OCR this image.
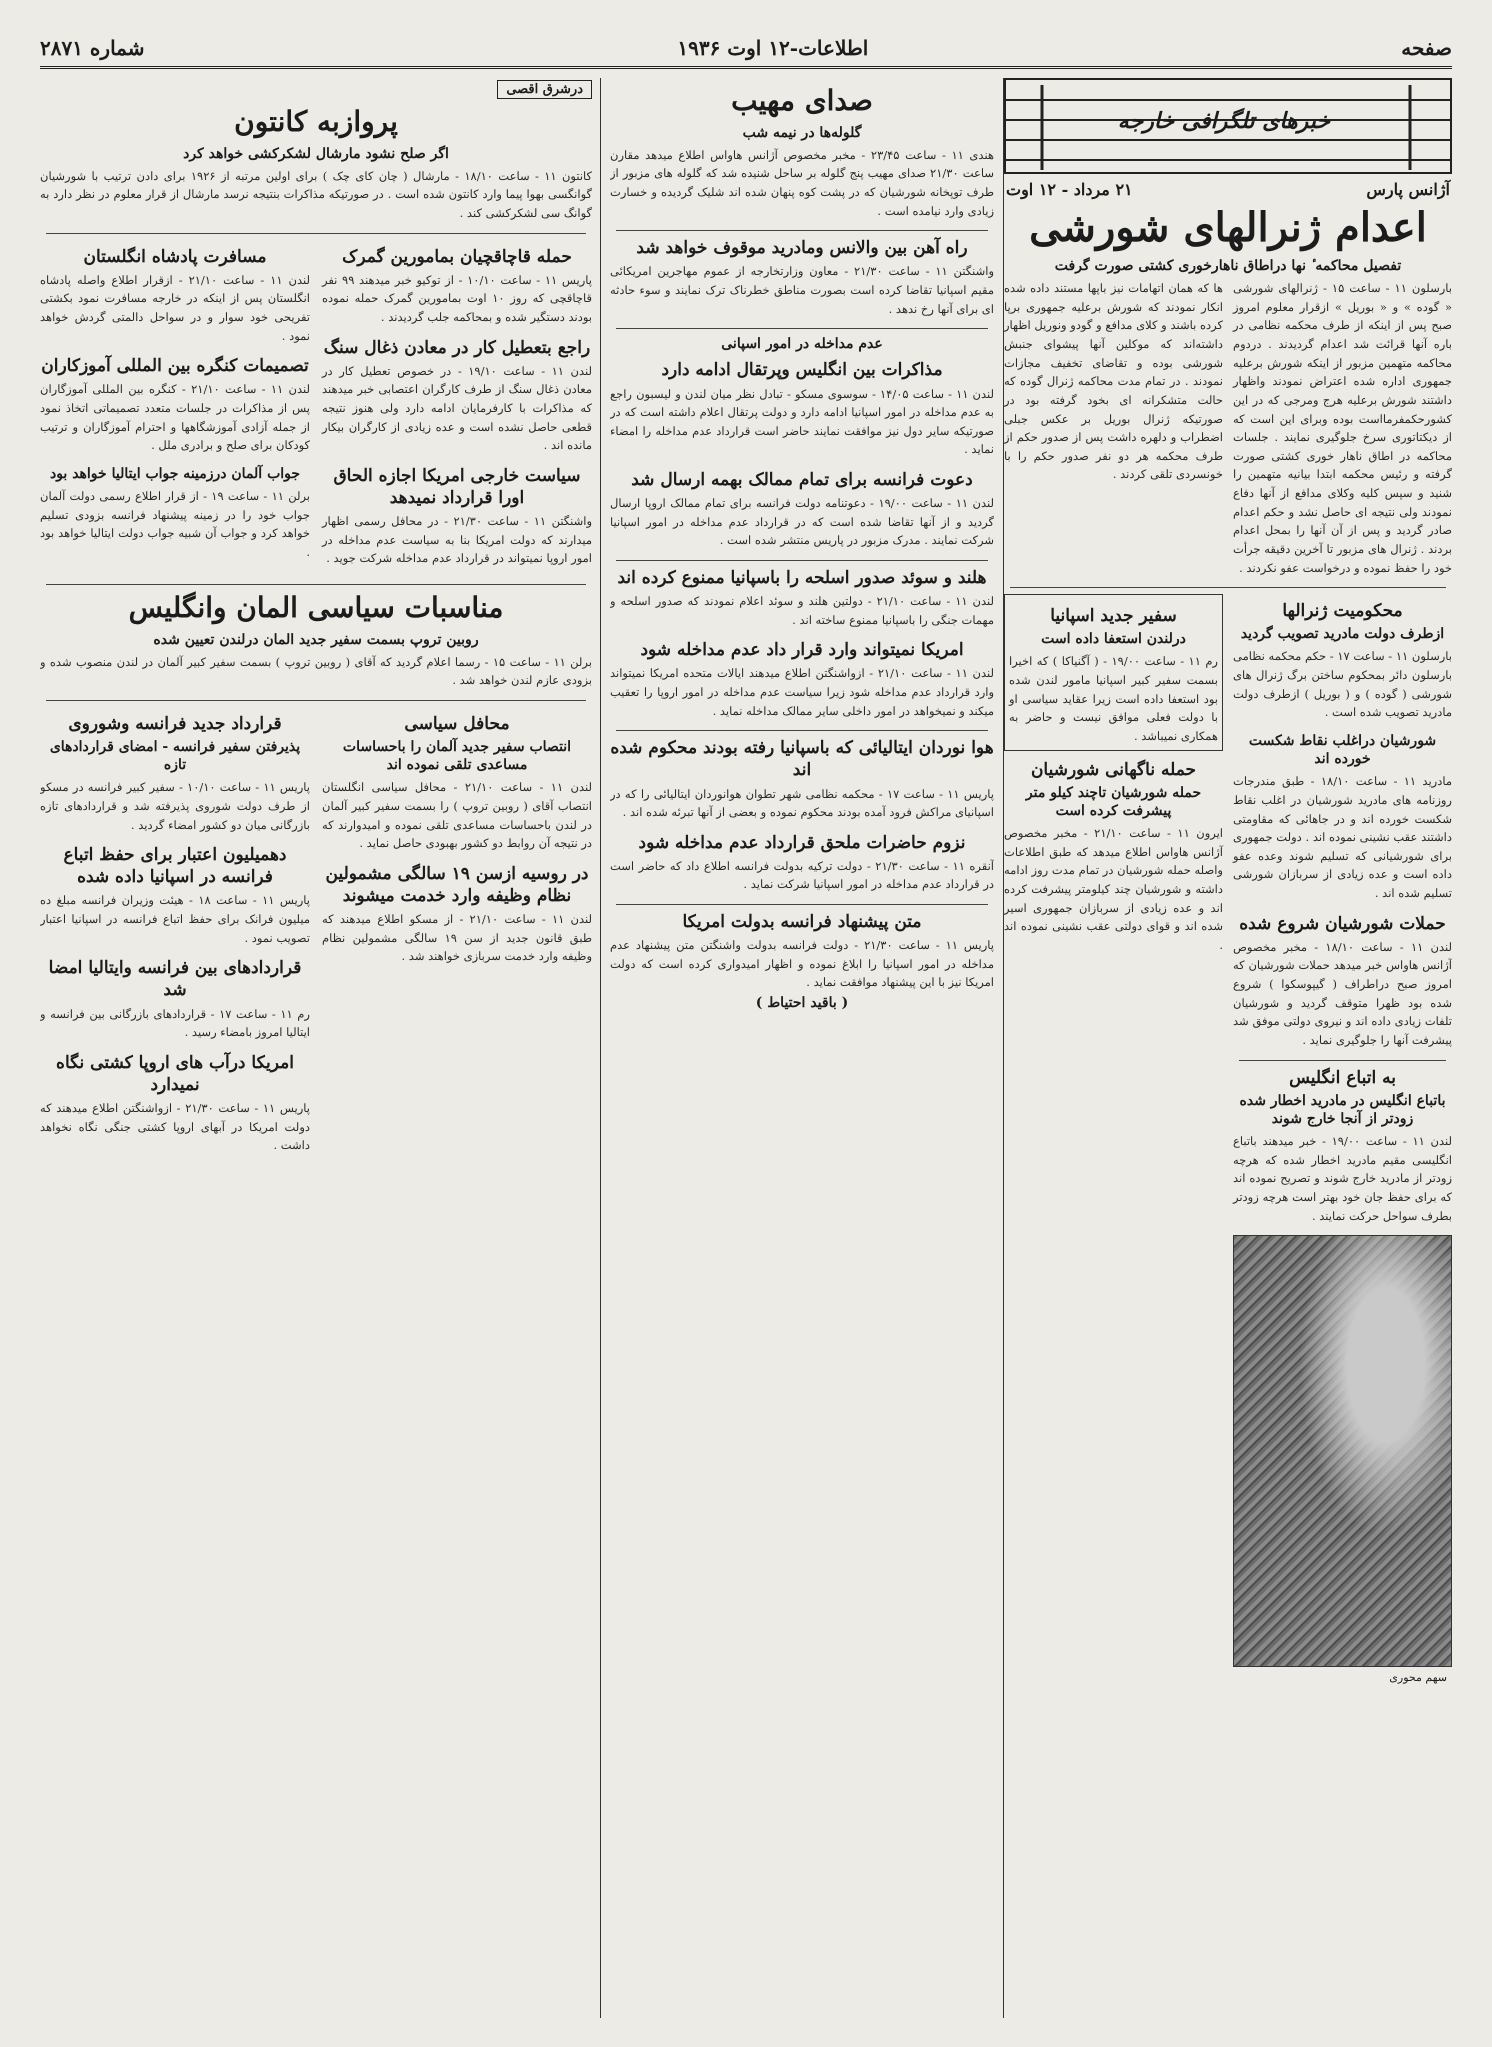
صفحه
اطلاعات-۱۲ اوت ۱۹۳۶
شماره ۲۸۷۱
خبرهای تلگرافی خارجه
آژانس پارس
۲۱ مرداد - ۱۲ اوت
اعدام ژنرالهای شورشی
تفصیل محاکمه ٔ نها دراطاق ناهارخوری کشتی صورت گرفت

بارسلون ۱۱ - ساعت ۱۵ - ژنرالهای شورشی « گوده » و « بوریل » ازقرار معلوم امروز صبح پس از اینکه از طرف محکمه نظامی در باره آنها قرائت شد اعدام گردیدند . دردوم محاکمه متهمین مزبور از اینکه شورش برعلیه جمهوری اداره شده اعتراض نمودند واظهار داشتند شورش برعلیه هرج ومرجی که در این کشورحکمفرمااست بوده وبرای این است که از دیکتاتوری سرخ جلوگیری نمایند . جلسات محاکمه در اطاق ناهار خوری کشتی صورت گرفته و رئیس محکمه ابتدا بیانیه متهمین را شنید و سپس کلیه وکلای مدافع از آنها دفاع نمودند ولی نتیجه ای حاصل نشد و حکم اعدام صادر گردید و پس از آن آنها را بمحل اعدام بردند . ژنرال های مزبور تا آخرین دقیقه جرأت خود را حفظ نموده و درخواست عفو نکردند .

ها که همان اتهامات نیز باپها مستند داده شده انکار نمودند که شورش برعلیه جمهوری برپا کرده باشند و کلای مدافع و گودو ونوریل اظهار داشته‌اند که موکلین آنها پیشوای جنبش شورشی بوده و تقاضای تخفیف مجازات نمودند . در تمام مدت محاکمه ژنرال گوده که حالت متشکرانه ای بخود گرفته بود در صورتیکه ژنرال بوریل بر عکس جبلی اضطراب و دلهره داشت پس از صدور حکم از طرف محکمه هر دو نفر صدور حکم را با خونسردی تلقی کردند .

محکومیت ژنرالها
ازطرف دولت مادرید تصویب گردید

بارسلون ۱۱ - ساعت ۱۷ - حکم محکمه نظامی بارسلون دائر بمحکوم ساختن برگ ژنرال های شورشی ( گوده ) و ( بوریل ) ازطرف دولت مادرید تصویب شده است .

شورشیان دراغلب نقاط شکست خورده اند

مادرید ۱۱ - ساعت ۱۸/۱۰ - طبق مندرجات روزنامه های مادرید شورشیان در اغلب نقاط شکست خورده اند و در جاهائی که مقاومتی داشتند عقب نشینی نموده اند . دولت جمهوری برای شورشیانی که تسلیم شوند وعده عفو داده است و عده زیادی از سربازان شورشی تسلیم شده اند .

حملات شورشیان شروع شده

لندن ۱۱ - ساعت ۱۸/۱۰ - مخبر مخصوص آژانس هاواس خبر میدهد حملات شورشیان که امروز صبح دراطراف ( گیپوسکوا ) شروع شده بود ظهرا متوقف گردید و شورشیان تلفات زیادی داده اند و نیروی دولتی موفق شد پیشرفت آنها را جلوگیری نماید .

به اتباع انگلیس
باتباع انگلیس در مادرید اخطار شده زودتر از آنجا خارج شوند

لندن ۱۱ - ساعت ۱۹/۰۰ - خبر میدهند باتباع انگلیسی مقیم مادرید اخطار شده که هرچه زودتر از مادرید خارج شوند و تصریح نموده اند که برای حفظ جان خود بهتر است هرچه زودتر بطرف سواحل حرکت نمایند .

سهم محوری
سفیر جدید اسپانیا
درلندن استعفا داده است

رم ۱۱ - ساعت ۱۹/۰۰ - ( آگنیاکا ) که اخیرا بسمت سفیر کبیر اسپانیا مامور لندن شده بود استعفا داده است زیرا عقاید سیاسی او با دولت فعلی موافق نیست و حاضر به همکاری نمیباشد .

حمله ناگهانی شورشیان
حمله شورشیان تاچند کیلو متر پیشرفت کرده است

ایرون ۱۱ - ساعت ۲۱/۱۰ - مخبر مخصوص آژانس هاواس اطلاع میدهد که طبق اطلاعات واصله حمله شورشیان در تمام مدت روز ادامه داشته و شورشیان چند کیلومتر پیشرفت کرده اند و عده زیادی از سربازان جمهوری اسیر شده اند و قوای دولتی عقب نشینی نموده اند .

صدای مهیب
گلوله‌ها در نیمه شب

هندی ۱۱ - ساعت ۲۳/۴۵ - مخبر مخصوص آژانس هاواس اطلاع میدهد مقارن ساعت ۲۱/۳۰ صدای مهیب پنج گلوله بر ساحل شنیده شد که گلوله های مزبور از طرف توپخانه شورشیان که در پشت کوه پنهان شده اند شلیک گردیده و خسارت زیادی وارد نیامده است .

راه آهن بین والانس ومادرید موقوف خواهد شد

واشنگتن ۱۱ - ساعت ۲۱/۳۰ - معاون وزارتخارجه از عموم مهاجرین امریکائی مقیم اسپانیا تقاضا کرده است بصورت مناطق خطرناک ترک نمایند و سوء حادثه ای برای آنها رخ ندهد .

عدم مداخله در امور اسپانی
مذاکرات بین انگلیس وپرتقال ادامه دارد

لندن ۱۱ - ساعت ۱۴/۰۵ - سوسوی مسکو - تبادل نظر میان لندن و لیسبون راجع به عدم مداخله در امور اسپانیا ادامه دارد و دولت پرتقال اعلام داشته است که در صورتیکه سایر دول نیز موافقت نمایند حاضر است قرارداد عدم مداخله را امضاء نماید .

دعوت فرانسه برای تمام ممالک بهمه ارسال شد

لندن ۱۱ - ساعت ۱۹/۰۰ - دعوتنامه دولت فرانسه برای تمام ممالک اروپا ارسال گردید و از آنها تقاضا شده است که در قرارداد عدم مداخله در امور اسپانیا شرکت نمایند . مدرک مزبور در پاریس منتشر شده است .

هلند و سوئد صدور اسلحه را باسپانیا ممنوع کرده اند

لندن ۱۱ - ساعت ۲۱/۱۰ - دولتین هلند و سوئد اعلام نمودند که صدور اسلحه و مهمات جنگی را باسپانیا ممنوع ساخته اند .

امریکا نمیتواند وارد قرار داد عدم مداخله شود

لندن ۱۱ - ساعت ۲۱/۱۰ - ازواشنگتن اطلاع میدهند ایالات متحده امریکا نمیتواند وارد قرارداد عدم مداخله شود زیرا سیاست عدم مداخله در امور اروپا را تعقیب میکند و نمیخواهد در امور داخلی سایر ممالک مداخله نماید .

هوا نوردان ایتالیائی که باسپانیا رفته بودند محکوم شده اند

پاریس ۱۱ - ساعت ۱۷ - محکمه نظامی شهر تطوان هوانوردان ایتالیائی را که در اسپانیای مراکش فرود آمده بودند محکوم نموده و بعضی از آنها تبرئه شده اند .

نزوم حاضرات ملحق قرارداد عدم مداخله شود

آنقره ۱۱ - ساعت ۲۱/۳۰ - دولت ترکیه بدولت فرانسه اطلاع داد که حاضر است در قرارداد عدم مداخله در امور اسپانیا شرکت نماید .

متن پیشنهاد فرانسه بدولت امریکا

پاریس ۱۱ - ساعت ۲۱/۳۰ - دولت فرانسه بدولت واشنگتن متن پیشنهاد عدم مداخله در امور اسپانیا را ابلاغ نموده و اظهار امیدواری کرده است که دولت امریکا نیز با این پیشنهاد موافقت نماید .

( باقید احتیاط )
درشرق اقصی
پروازبه کانتون
اگر صلح نشود مارشال لشکرکشی خواهد کرد

کانتون ۱۱ - ساعت ۱۸/۱۰ - مارشال ( چان کای چک ) برای اولین مرتبه از ۱۹۲۶ برای دادن ترتیب با شورشیان گوانگسی بهوا پیما وارد کانتون شده است . در صورتیکه مذاکرات بنتیجه نرسد مارشال از قرار معلوم در نظر دارد به گوانگ سی لشکرکشی کند .

حمله قاچاقچیان بمامورین گمرک

پاریس ۱۱ - ساعت ۱۰/۱۰ - از توکیو خبر میدهند ۹۹ نفر قاچاقچی که روز ۱۰ اوت بمامورین گمرک حمله نموده بودند دستگیر شده و بمحاکمه جلب گردیدند .

راجع بتعطیل کار در معادن ذغال سنگ

لندن ۱۱ - ساعت ۱۹/۱۰ - در خصوص تعطیل کار در معادن ذغال سنگ از طرف کارگران اعتصابی خبر میدهند که مذاکرات با کارفرمایان ادامه دارد ولی هنوز نتیجه قطعی حاصل نشده است و عده زیادی از کارگران بیکار مانده اند .

سیاست خارجی امریکا اجازه الحاق اورا قرارداد نمیدهد

واشنگتن ۱۱ - ساعت ۲۱/۳۰ - در محافل رسمی اظهار میدارند که دولت امریکا بنا به سیاست عدم مداخله در امور اروپا نمیتواند در قرارداد عدم مداخله شرکت جوید .

مسافرت پادشاه انگلستان

لندن ۱۱ - ساعت ۲۱/۱۰ - ازقرار اطلاع واصله پادشاه انگلستان پس از اینکه در خارجه مسافرت نمود بکشتی تفریحی خود سوار و در سواحل دالمتی گردش خواهد نمود .

تصمیمات کنگره بین المللی آموزکاران

لندن ۱۱ - ساعت ۲۱/۱۰ - کنگره بین المللی آموزگاران پس از مذاکرات در جلسات متعدد تصمیماتی اتخاذ نمود از جمله آزادی آموزشگاهها و احترام آموزگاران و ترتیب کودکان برای صلح و برادری ملل .

جواب آلمان درزمینه جواب ایتالیا خواهد بود

برلن ۱۱ - ساعت ۱۹ - از قرار اطلاع رسمی دولت آلمان جواب خود را در زمینه پیشنهاد فرانسه بزودی تسلیم خواهد کرد و جواب آن شبیه جواب دولت ایتالیا خواهد بود .

مناسبات سیاسی المان وانگلیس
روبین تروپ بسمت سفیر جدید المان درلندن تعیین شده

برلن ۱۱ - ساعت ۱۵ - رسما اعلام گردید که آقای ( روبین تروپ ) بسمت سفیر کبیر آلمان در لندن منصوب شده و بزودی عازم لندن خواهد شد .

محافل سیاسی
انتصاب سفیر جدید آلمان را باحساسات مساعدی تلقی نموده اند

لندن ۱۱ - ساعت ۲۱/۱۰ - محافل سیاسی انگلستان انتصاب آقای ( روبین تروپ ) را بسمت سفیر کبیر آلمان در لندن باحساسات مساعدی تلقی نموده و امیدوارند که در نتیجه آن روابط دو کشور بهبودی حاصل نماید .

در روسیه ازسن ۱۹ سالگی مشمولین نظام وظیفه وارد خدمت میشوند

لندن ۱۱ - ساعت ۲۱/۱۰ - از مسکو اطلاع میدهند که طبق قانون جدید از سن ۱۹ سالگی مشمولین نظام وظیفه وارد خدمت سربازی خواهند شد .

قرارداد جدید فرانسه وشوروی
پذیرفتن سفیر فرانسه - امضای قراردادهای تازه

پاریس ۱۱ - ساعت ۱۰/۱۰ - سفیر کبیر فرانسه در مسکو از طرف دولت شوروی پذیرفته شد و قراردادهای تازه بازرگانی میان دو کشور امضاء گردید .

دهمیلیون اعتبار برای حفظ اتباع فرانسه در اسپانیا داده شده

پاریس ۱۱ - ساعت ۱۸ - هیئت وزیران فرانسه مبلغ ده میلیون فرانک برای حفظ اتباع فرانسه در اسپانیا اعتبار تصویب نمود .

قراردادهای بین فرانسه وایتالیا امضا شد

رم ۱۱ - ساعت ۱۷ - قراردادهای بازرگانی بین فرانسه و ایتالیا امروز بامضاء رسید .

امریکا درآب های اروپا کشتی نگاه نمیدارد

پاریس ۱۱ - ساعت ۲۱/۳۰ - ازواشنگتن اطلاع میدهند که دولت امریکا در آبهای اروپا کشتی جنگی نگاه نخواهد داشت .
